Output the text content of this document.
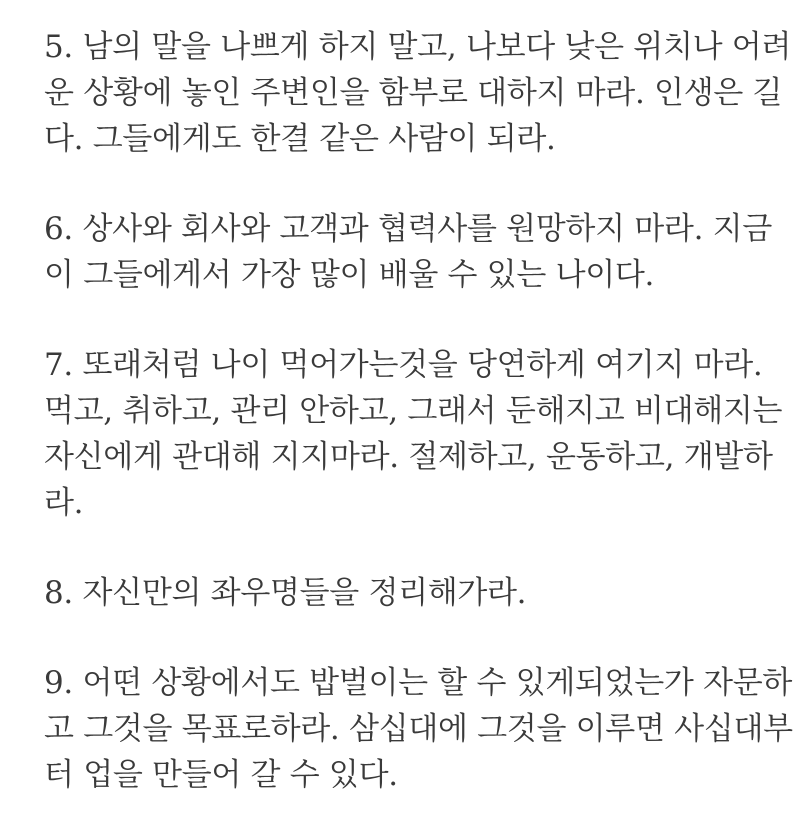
5. 남의 말을 나쁘게 하지 말고, 나보다 낮은 위치나 어려
운 상황에 놓인 주변인을 함부로 대하지 마라. 인생은 길
다. 그들에게도 한결 같은 사람이 되라.
6. 상사와 회사와 고객과 협력사를 원망하지 마라. 지금
이 그들에게서 가장 많이 배울 수 있는 나이다.
7. 또래처럼 나이 먹어가는것을 당연하게 여기지 마라.
먹고, 취하고, 관리 안하고, 그래서 둔해지고 비대해지는
자신에게 관대해 지지마라. 절제하고, 운동하고, 개발하
라.
8. 자신만의 좌우명들을 정리해가라.
9. 어떤 상황에서도 밥벌이는 할 수 있게되었는가 자문하
고 그것을 목표로하라. 삼십대에 그것을 이루면 사십대부
터 업을 만들어 갈 수 있다.
